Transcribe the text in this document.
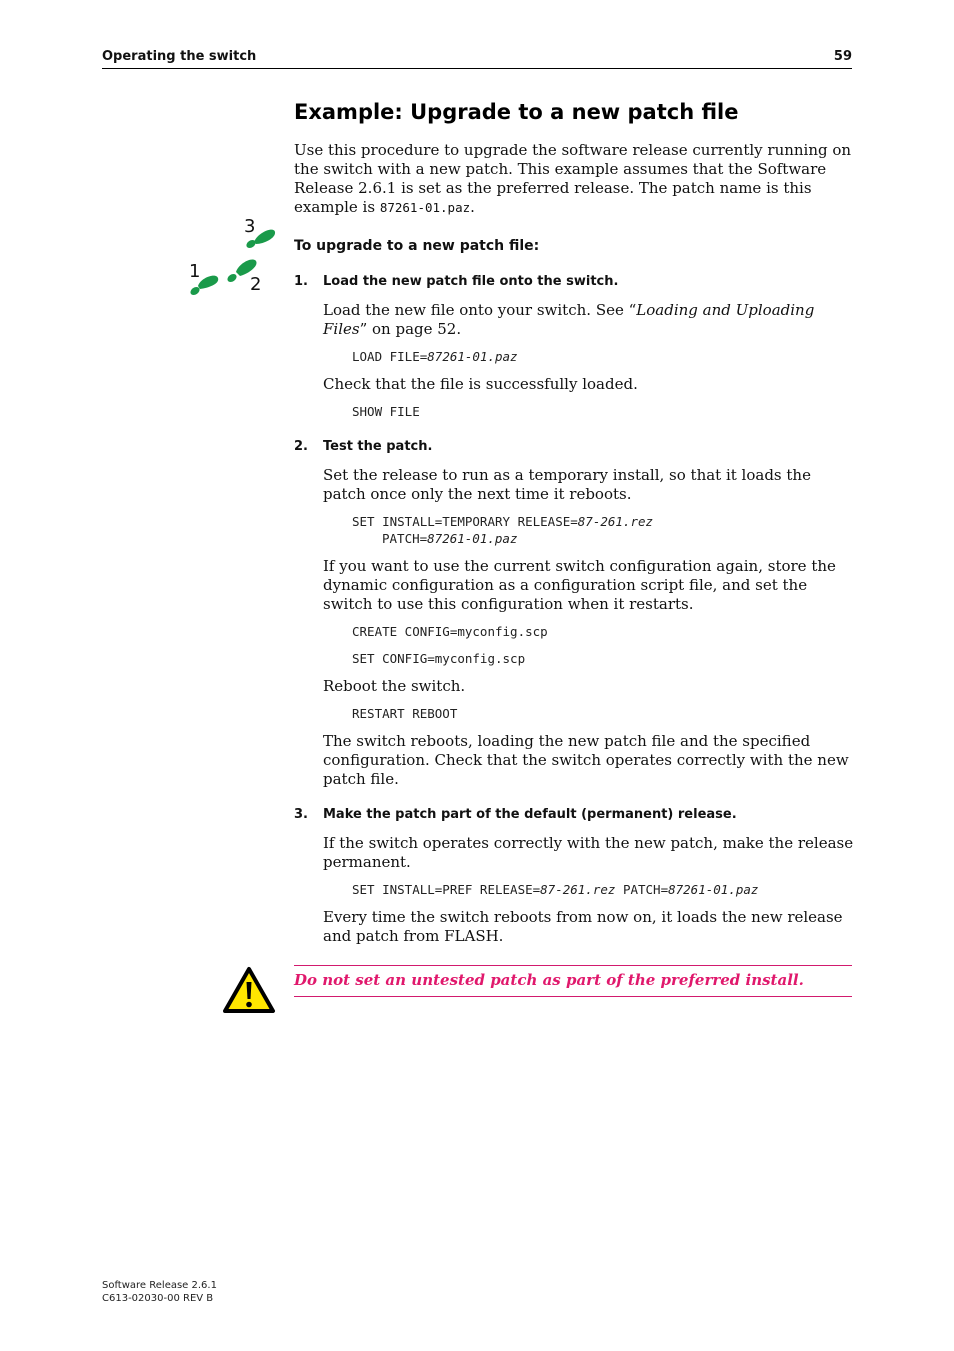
Operating the switch	59
3
1
2
Example: Upgrade to a new patch file

Use this procedure to upgrade the software release currently running on the switch with a new patch. This example assumes that the Software Release 2.6.1 is set as the preferred release. The patch name is this example is 87261-01.paz.

To upgrade to a new patch file:
1. Load the new patch file onto the switch.

Load the new file onto your switch. See “Loading and Uploading Files” on page 52.

LOAD FILE=87261-01.paz

Check that the file is successfully loaded.

SHOW FILE
2. Test the patch.

Set the release to run as a temporary install, so that it loads the patch once only the next time it reboots.

SET INSTALL=TEMPORARY RELEASE=87-261.rez
PATCH=87261-01.paz

If you want to use the current switch configuration again, store the dynamic configuration as a configuration script file, and set the switch to use this configuration when it restarts.

CREATE CONFIG=myconfig.scp
SET CONFIG=myconfig.scp

Reboot the switch.

RESTART REBOOT

The switch reboots, loading the new patch file and the specified configuration. Check that the switch operates correctly with the new patch file.

3. Make the patch part of the default (permanent) release.

If the switch operates correctly with the new patch, make the release permanent.

SET INSTALL=PREF RELEASE=87-261.rez PATCH=87261-01.paz

Every time the switch reboots from now on, it loads the new release and patch from FLASH.

Do not set an untested patch as part of the preferred install.
Software Release 2.6.1
C613-02030-00 REV B
